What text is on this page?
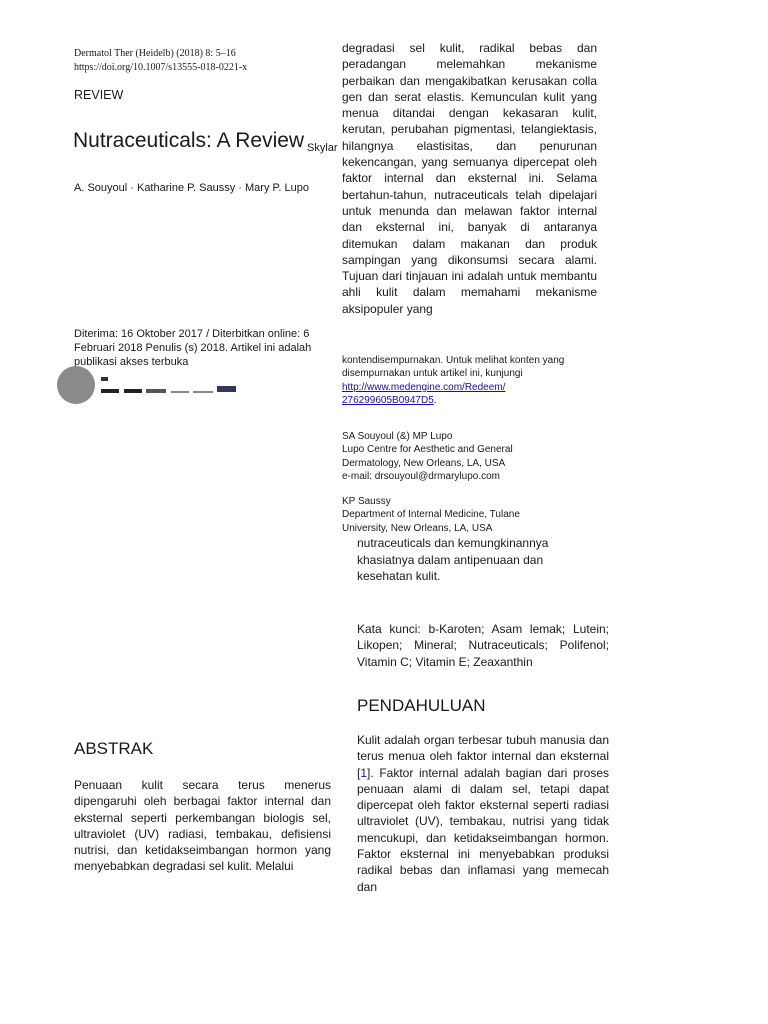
Dermatol Ther (Heidelb) (2018) 8: 5–16
https://doi.org/10.1007/s13555-018-0221-x
REVIEW
Nutraceuticals: A Review Skylar
A. Souyoul · Katharine P. Saussy · Mary P. Lupo
Diterima: 16 Oktober 2017 / Diterbitkan online: 6 Februari 2018 Penulis (s) 2018. Artikel ini adalah publikasi akses terbuka
ABSTRAK

Penuaan kulit secara terus menerus dipengaruhi oleh berbagai faktor internal dan eksternal seperti perkembangan biologis sel, ultraviolet (UV) radiasi, tembakau, defisiensi nutrisi, dan ketidakseimbangan hormon yang menyebabkan degradasi sel kulit. Melalui

degradasi sel kulit, radikal bebas dan peradangan melemahkan mekanisme perbaikan dan mengakibatkan kerusakan colla gen dan serat elastis. Kemunculan kulit yang menua ditandai dengan kekasaran kulit, kerutan, perubahan pigmentasi, telangiektasis, hilangnya elastisitas, dan penurunan kekencangan, yang semuanya dipercepat oleh faktor internal dan eksternal ini. Selama bertahun-tahun, nutraceuticals telah dipelajari untuk menunda dan melawan faktor internal dan eksternal ini, banyak di antaranya ditemukan dalam makanan dan produk sampingan yang dikonsumsi secara alami. Tujuan dari tinjauan ini adalah untuk membantu ahli kulit dalam memahami mekanisme aksipopuler yang

kontendisempurnakan. Untuk melihat konten yang disempurnakan untuk artikel ini, kunjungi
http://www.medengine.com/Redeem/
276299605B0947D5.
SA Souyoul (&) MP Lupo
Lupo Centre for Aesthetic and General
Dermatology, New Orleans, LA, USA
e-mail: drsouyoul@drmarylupo.com
KP Saussy
Department of Internal Medicine, Tulane
University, New Orleans, LA, USA

nutraceuticals dan kemungkinannya khasiatnya dalam antipenuaan dan kesehatan kulit.

Kata kunci: b-Karoten; Asam lemak; Lutein; Likopen; Mineral; Nutraceuticals; Polifenol; Vitamin C; Vitamin E; Zeaxanthin

PENDAHULUAN

Kulit adalah organ terbesar tubuh manusia dan terus menua oleh faktor internal dan eksternal [1]. Faktor internal adalah bagian dari proses penuaan alami di dalam sel, tetapi dapat dipercepat oleh faktor eksternal seperti radiasi ultraviolet (UV), tembakau, nutrisi yang tidak mencukupi, dan ketidakseimbangan hormon. Faktor eksternal ini menyebabkan produksi radikal bebas dan inflamasi yang memecah dan
